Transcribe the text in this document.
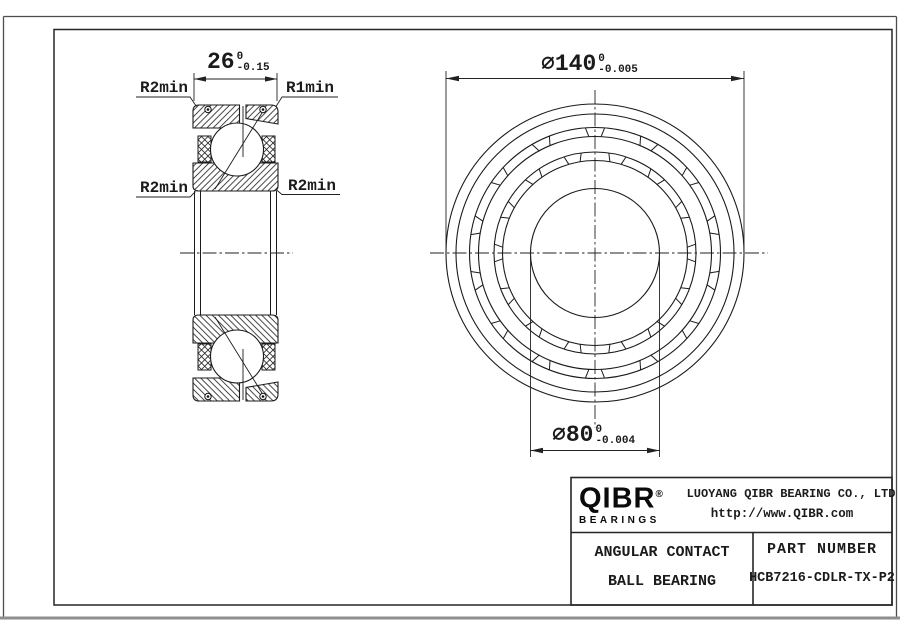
R2min	R1min
R2min	R2min
26 0
-0.15	∅140 0
-0.005
∅80 0
-0.004
QIBR®
BEARINGS
LUOYANG QIBR BEARING CO., LTD
http://www.QIBR.com
ANGULAR CONTACT
BALL BEARING
PART NUMBER
HCB7216-CDLR-TX-P2
